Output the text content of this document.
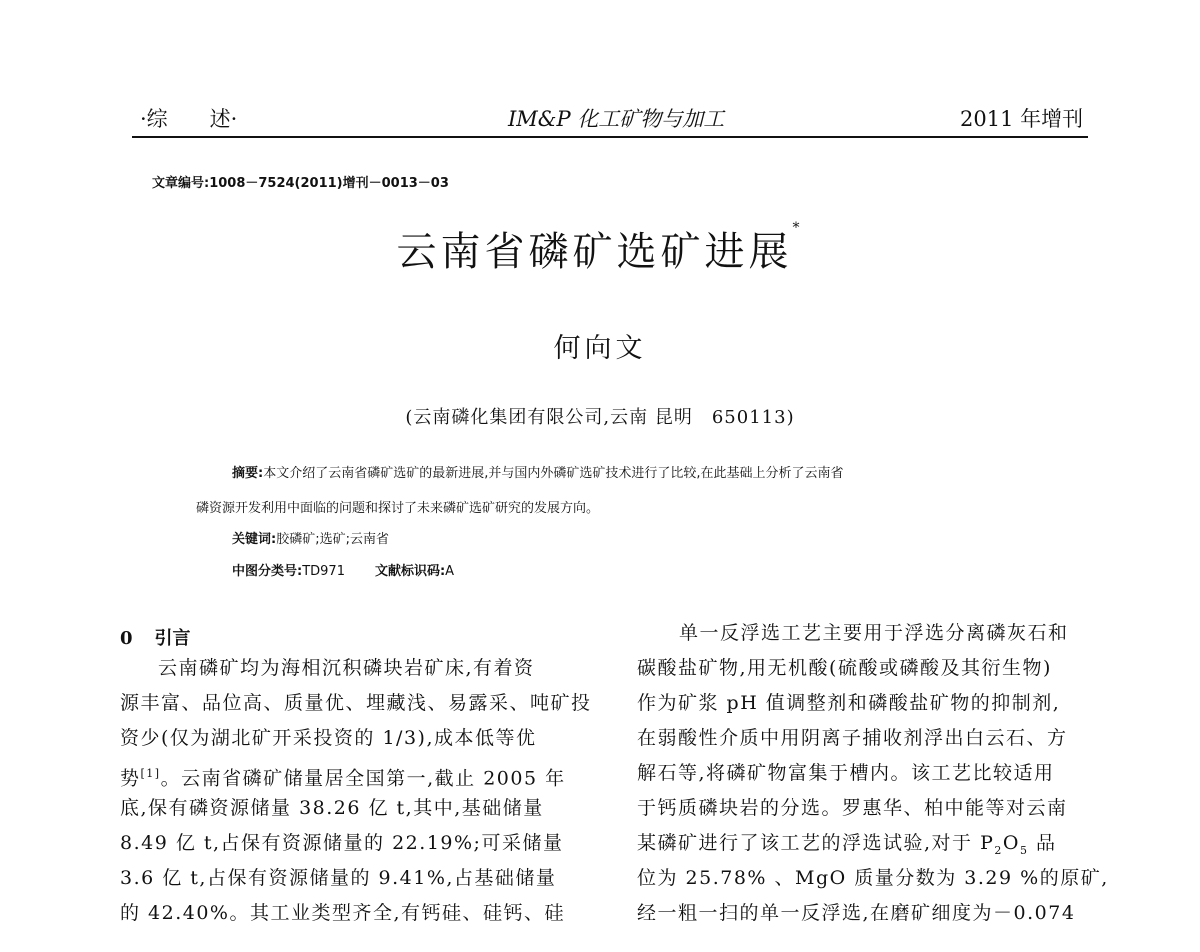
·综　　述·	IM&P 化工矿物与加工	2011 年增刊
文章编号:1008－7524(2011)增刊－0013－03
云南省磷矿选矿进展*
何向文
(云南磷化集团有限公司,云南 昆明　650113)
摘要:本文介绍了云南省磷矿选矿的最新进展,并与国内外磷矿选矿技术进行了比较,在此基础上分析了云南省
磷资源开发利用中面临的问题和探讨了未来磷矿选矿研究的发展方向。
关键词:胶磷矿;选矿;云南省
中图分类号:TD971 文献标识码:A
0 引言
云南磷矿均为海相沉积磷块岩矿床,有着资
源丰富、品位高、质量优、埋藏浅、易露采、吨矿投
资少(仅为湖北矿开采投资的 1/3),成本低等优
势[1]。云南省磷矿储量居全国第一,截止 2005 年
底,保有磷资源储量 38.26 亿 t,其中,基础储量
8.49 亿 t,占保有资源储量的 22.19%;可采储量
3.6 亿 t,占保有资源储量的 9.41%,占基础储量
的 42.40%。其工业类型齐全,有钙硅、硅钙、硅
单一反浮选工艺主要用于浮选分离磷灰石和
碳酸盐矿物,用无机酸(硫酸或磷酸及其衍生物)
作为矿浆 pH 值调整剂和磷酸盐矿物的抑制剂,
在弱酸性介质中用阴离子捕收剂浮出白云石、方
解石等,将磷矿物富集于槽内。该工艺比较适用
于钙质磷块岩的分选。罗惠华、柏中能等对云南
某磷矿进行了该工艺的浮选试验,对于 $P_2O_5$ 品
位为 25.78% 、MgO 质量分数为 3.29 %的原矿,
经一粗一扫的单一反浮选,在磨矿细度为－0.074
